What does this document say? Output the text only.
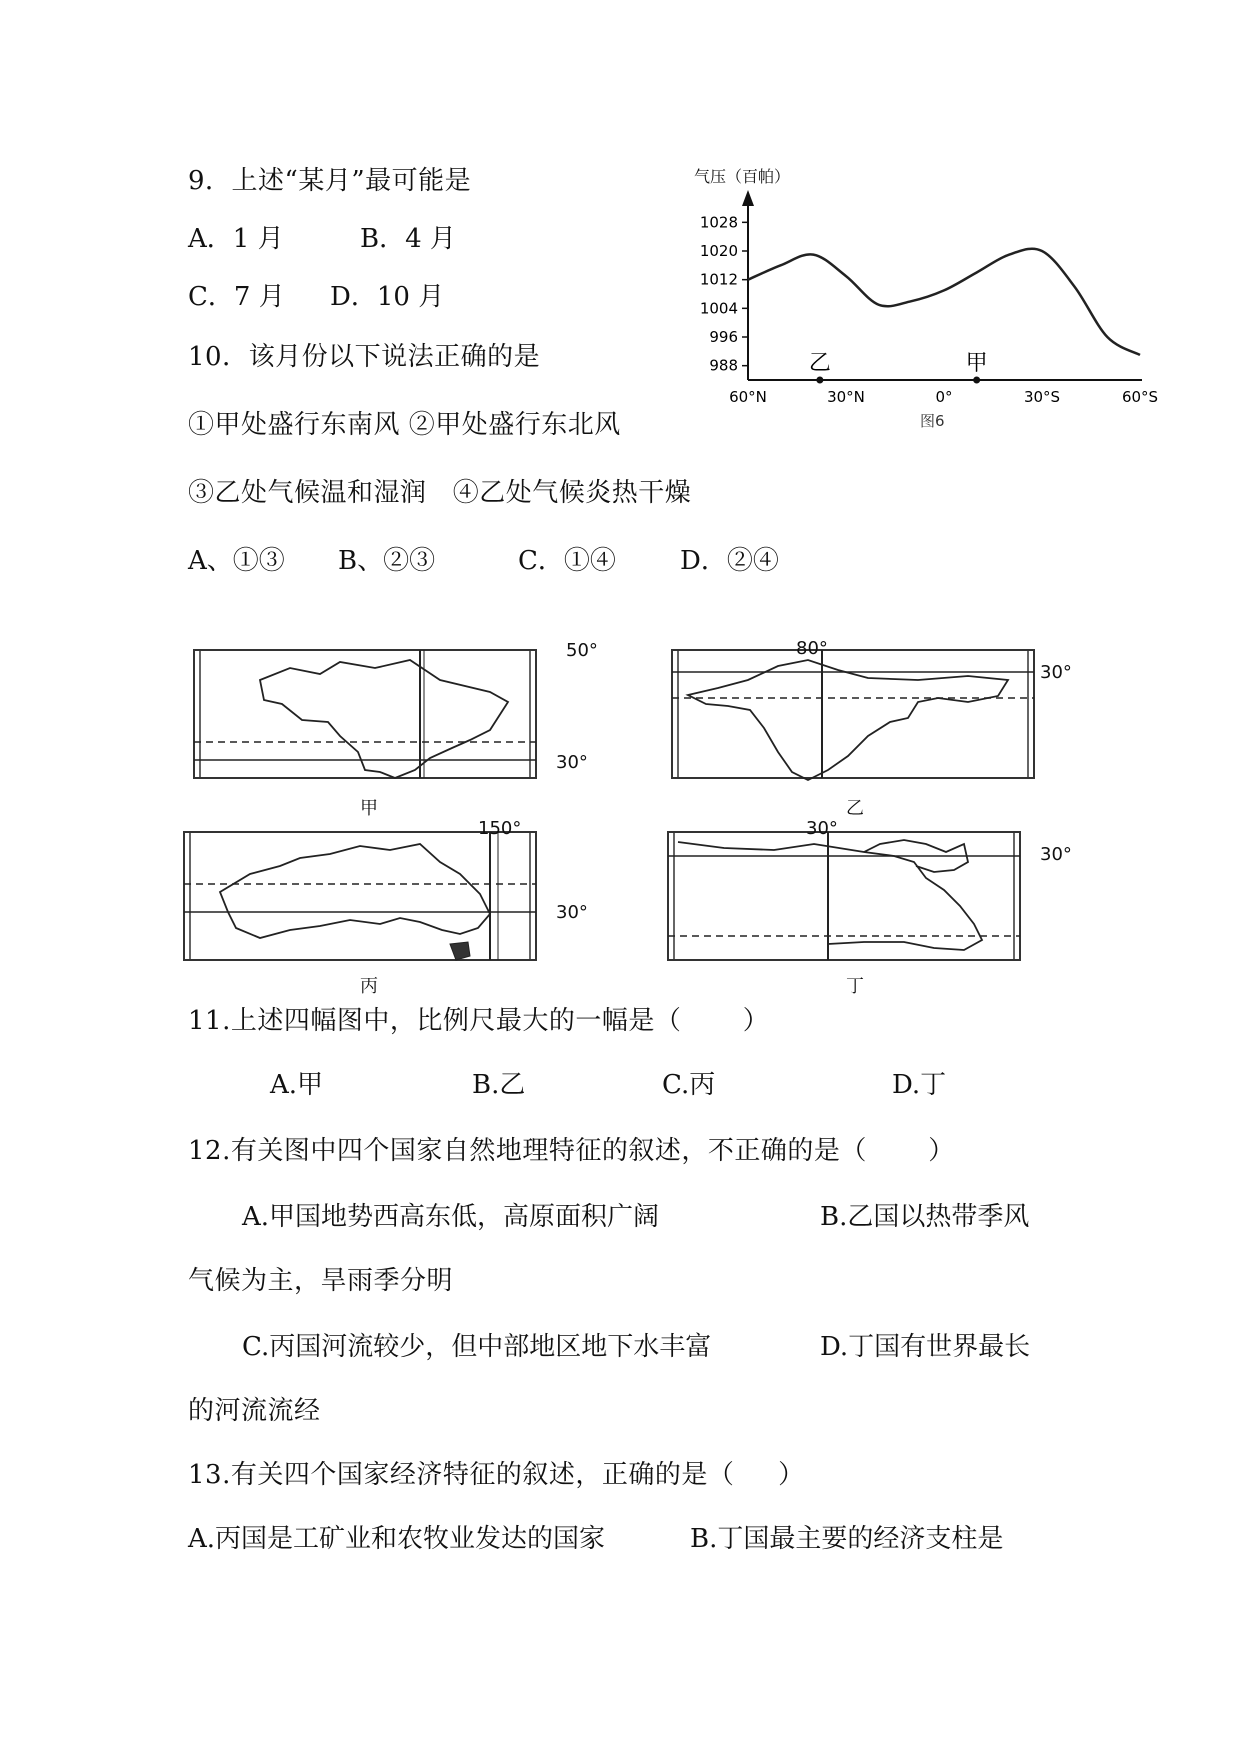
9．上述“某月”最可能是
A．1 月	B．4 月
C．7 月 D．10 月
10．该月份以下说法正确的是
①甲处盛行东南风 ②甲处盛行东北风
③乙处气候温和湿润   ④乙处气候炎热干燥
A、①③ B、②③	C．①④ D．②④
气压（百帕）
988
996
1004
1012
1020
1028
60°N	30°N	0°	30°S	60°S
乙	甲
图6
50°
30°
甲
80°
30°
乙
150°
30°
丙
30°
30°
丁
11.上述四幅图中，比例尺最大的一幅是（       ）
A.甲	B.乙	C.丙	D.丁
12.有关图中四个国家自然地理特征的叙述，不正确的是（       ）
A.甲国地势西高东低，高原面积广阔	B.乙国以热带季风
气候为主，旱雨季分明
C.丙国河流较少，但中部地区地下水丰富	D.丁国有世界最长
的河流流经
13.有关四个国家经济特征的叙述，正确的是（     ）
A.丙国是工矿业和农牧业发达的国家	B.丁国最主要的经济支柱是
